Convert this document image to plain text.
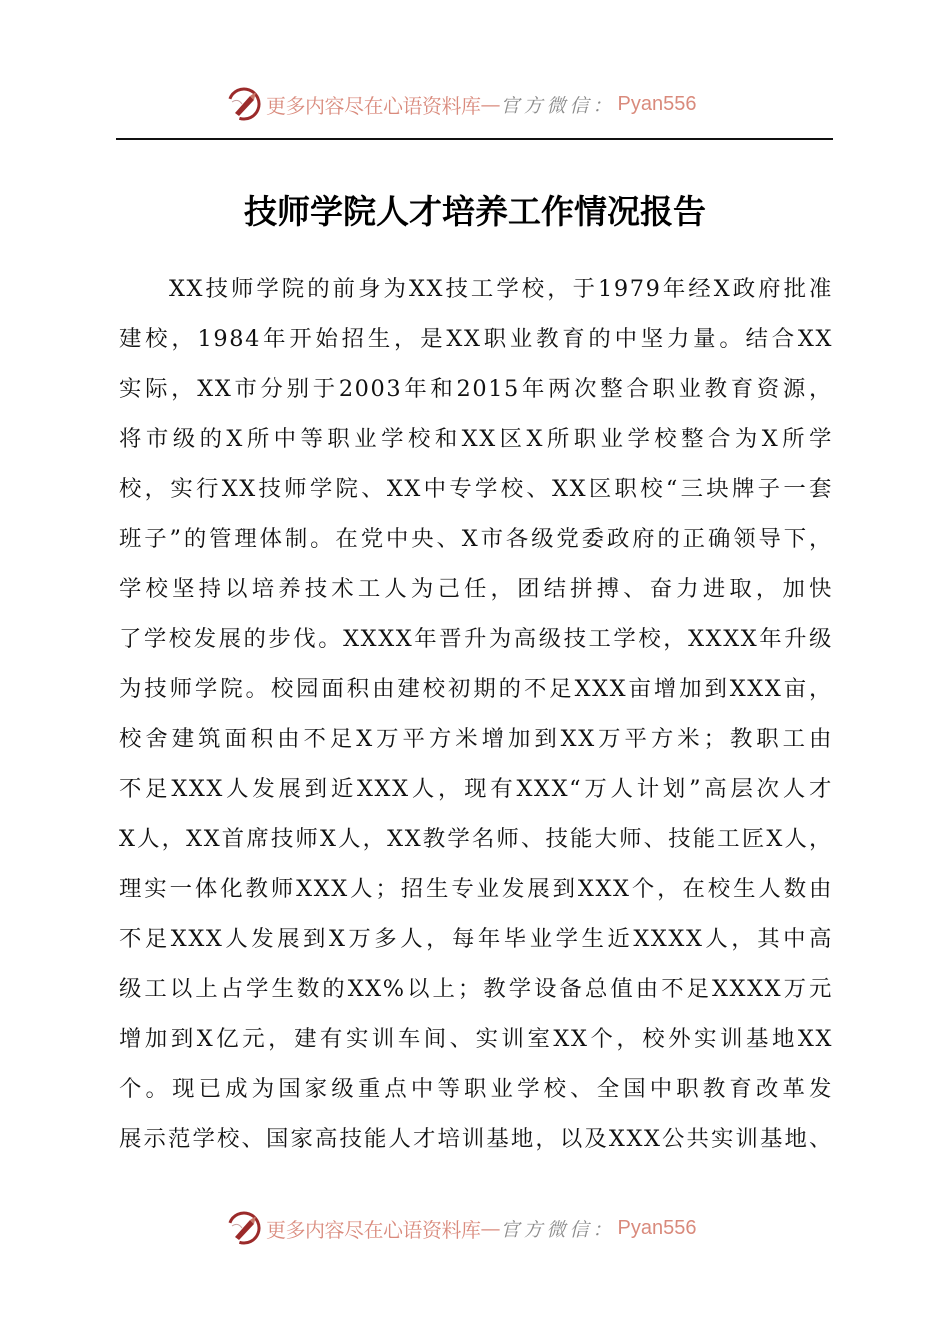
更多内容尽在心语资料库 — 官方微信： Pyan556
技师学院人才培养工作情况报告
XX技师学院的前身为XX技工学校，于1979年经X政府批准
建校，1984年开始招生，是XX职业教育的中坚力量。结合XX
实际，XX市分别于2003年和2015年两次整合职业教育资源，
将市级的X所中等职业学校和XX区X所职业学校整合为X所学
校，实行XX技师学院、XX中专学校、XX区职校“三块牌子一套
班子”的管理体制。在党中央、X市各级党委政府的正确领导下，
学校坚持以培养技术工人为己任，团结拼搏、奋力进取，加快
了学校发展的步伐。XXXX年晋升为高级技工学校，XXXX年升级
为技师学院。校园面积由建校初期的不足XXX亩增加到XXX亩，
校舍建筑面积由不足X万平方米增加到XX万平方米；教职工由
不足XXX人发展到近XXX人，现有XXX“万人计划”高层次人才
X人，XX首席技师X人，XX教学名师、技能大师、技能工匠X人，
理实一体化教师XXX人；招生专业发展到XXX个，在校生人数由
不足XXX人发展到X万多人，每年毕业学生近XXXX人，其中高
级工以上占学生数的XX%以上；教学设备总值由不足XXXX万元
增加到X亿元，建有实训车间、实训室XX个，校外实训基地XX
个。现已成为国家级重点中等职业学校、全国中职教育改革发
展示范学校、国家高技能人才培训基地，以及XXX公共实训基地、
更多内容尽在心语资料库 — 官方微信： Pyan556
